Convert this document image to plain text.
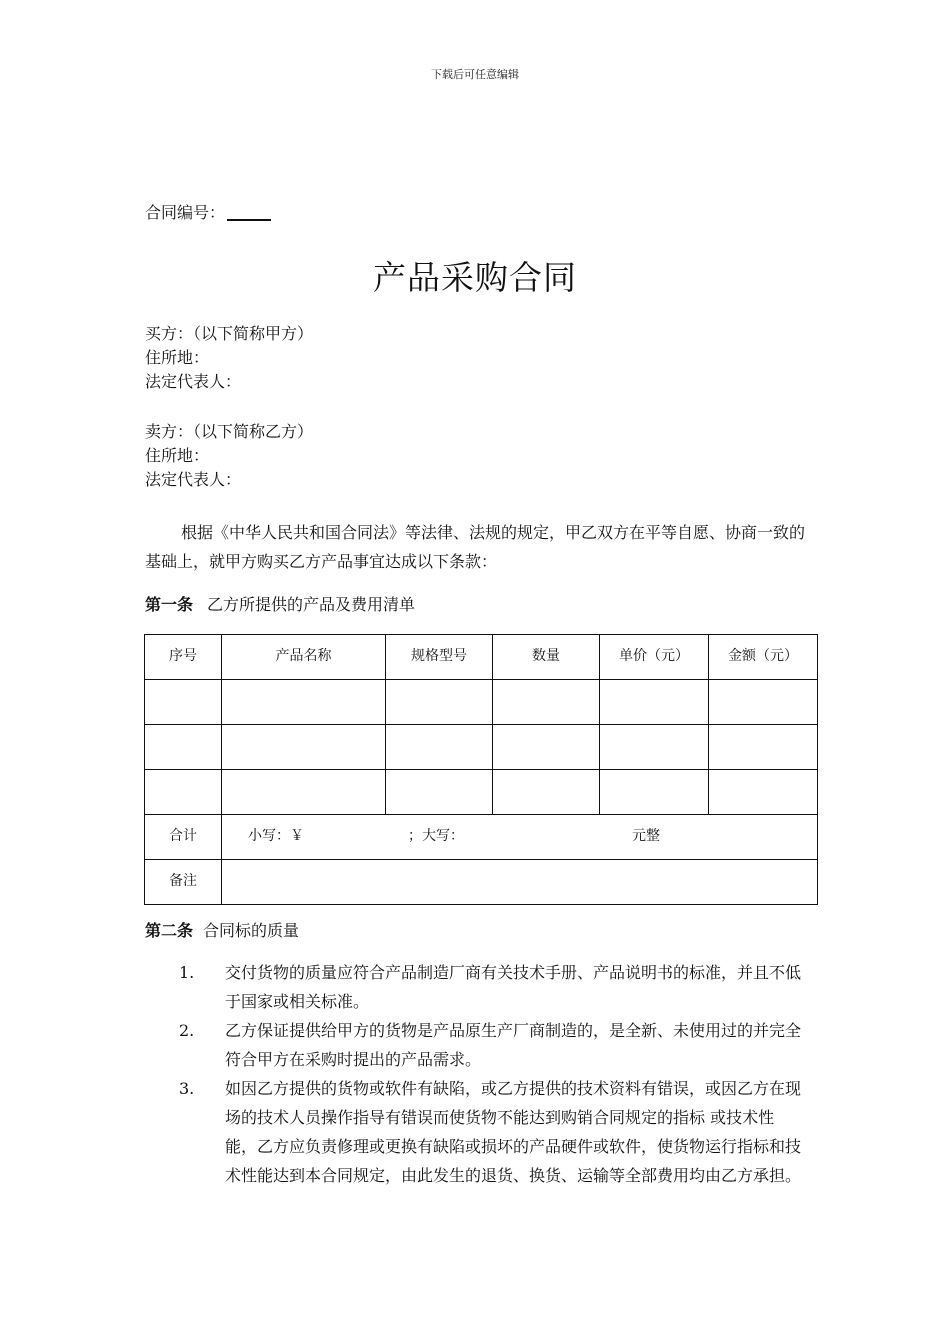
下载后可任意编辑
合同编号：
产品采购合同
买方：（以下简称甲方）
住所地：
法定代表人：
卖方：（以下简称乙方）
住所地：
法定代表人：
根据《中华人民共和国合同法》等法律、法规的规定，甲乙双方在平等自愿、协商一致的基础上，就甲方购买乙方产品事宜达成以下条款：
第一条 乙方所提供的产品及费用清单
序号	产品名称	规格型号	数量	单价（元）	金额（元）

合计	小写：￥ ；大写： 元整				

备注					
第二条 合同标的质量
1. 交付货物的质量应符合产品制造厂商有关技术手册、产品说明书的标准，并且不低于国家或相关标准。
2. 乙方保证提供给甲方的货物是产品原生产厂商制造的，是全新、未使用过的并完全符合甲方在采购时提出的产品需求。
3. 如因乙方提供的货物或软件有缺陷，或乙方提供的技术资料有错误，或因乙方在现场的技术人员操作指导有错误而使货物不能达到购销合同规定的指标 或技术性能，乙方应负责修理或更换有缺陷或损坏的产品硬件或软件，使货物运行指标和技术性能达到本合同规定，由此发生的退货、换货、运输等全部费用均由乙方承担。
